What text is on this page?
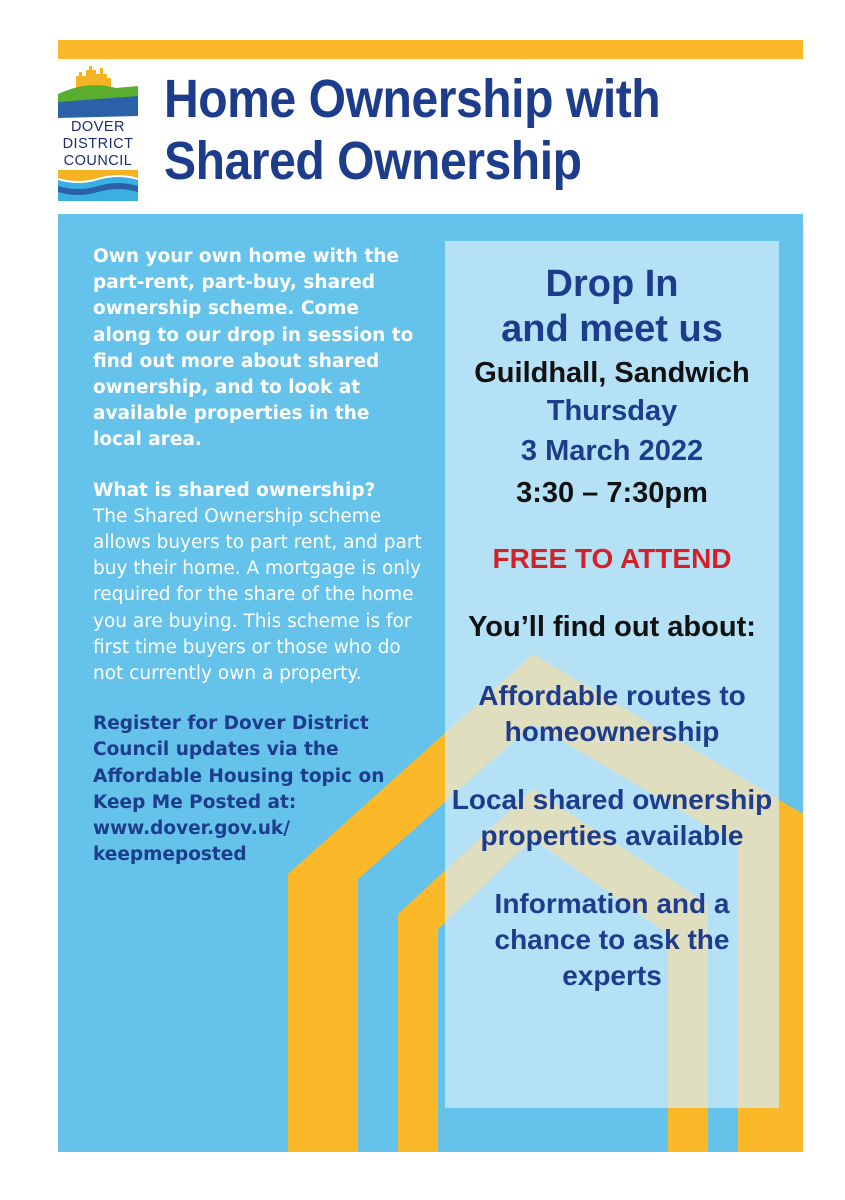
DOVER
DISTRICT
COUNCIL
Home Ownership with
Shared Ownership

Own your own home with the part-rent, part-buy, shared ownership scheme. Come along to our drop in session to find out more about shared ownership, and to look at available properties in the local area.

What is shared ownership?

The Shared Ownership scheme allows buyers to part rent, and part buy their home. A mortgage is only required for the share of the home you are buying. This scheme is for first time buyers or those who do not currently own a property.

Register for Dover District Council updates via the Affordable Housing topic on Keep Me Posted at: www.dover.gov.uk/ keepmeposted

Drop In

and meet us

Guildhall, Sandwich

Thursday

3 March 2022

3:30 – 7:30pm

FREE TO ATTEND

You’ll find out about:

Affordable routes to homeownership

Local shared ownership properties available

Information and a chance to ask the experts
